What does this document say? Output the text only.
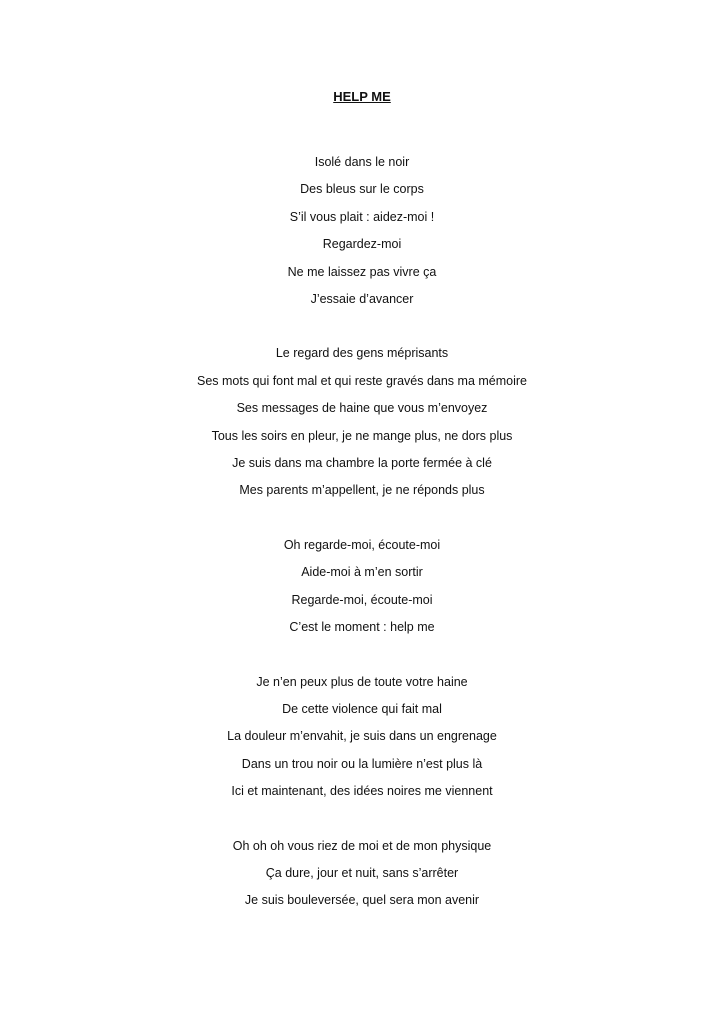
HELP ME
Isolé dans le noir
Des bleus sur le corps
S’il vous plait : aidez-moi !
Regardez-moi
Ne me laissez pas vivre ça
J’essaie d’avancer
Le regard des gens méprisants
Ses mots qui font mal et qui reste gravés dans ma mémoire
Ses messages de haine que vous m’envoyez
Tous les soirs en pleur, je ne mange plus, ne dors plus
Je suis dans ma chambre la porte fermée à clé
Mes parents m’appellent, je ne réponds plus
Oh regarde-moi, écoute-moi
Aide-moi à m’en sortir
Regarde-moi, écoute-moi
C’est le moment : help me
Je n’en peux plus de toute votre haine
De cette violence qui fait mal
La douleur m’envahit, je suis dans un engrenage
Dans un trou noir ou la lumière n’est plus là
Ici et maintenant, des idées noires me viennent
Oh oh oh vous riez de moi et de mon physique
Ça dure, jour et nuit, sans s’arrêter
Je suis bouleversée, quel sera mon avenir
